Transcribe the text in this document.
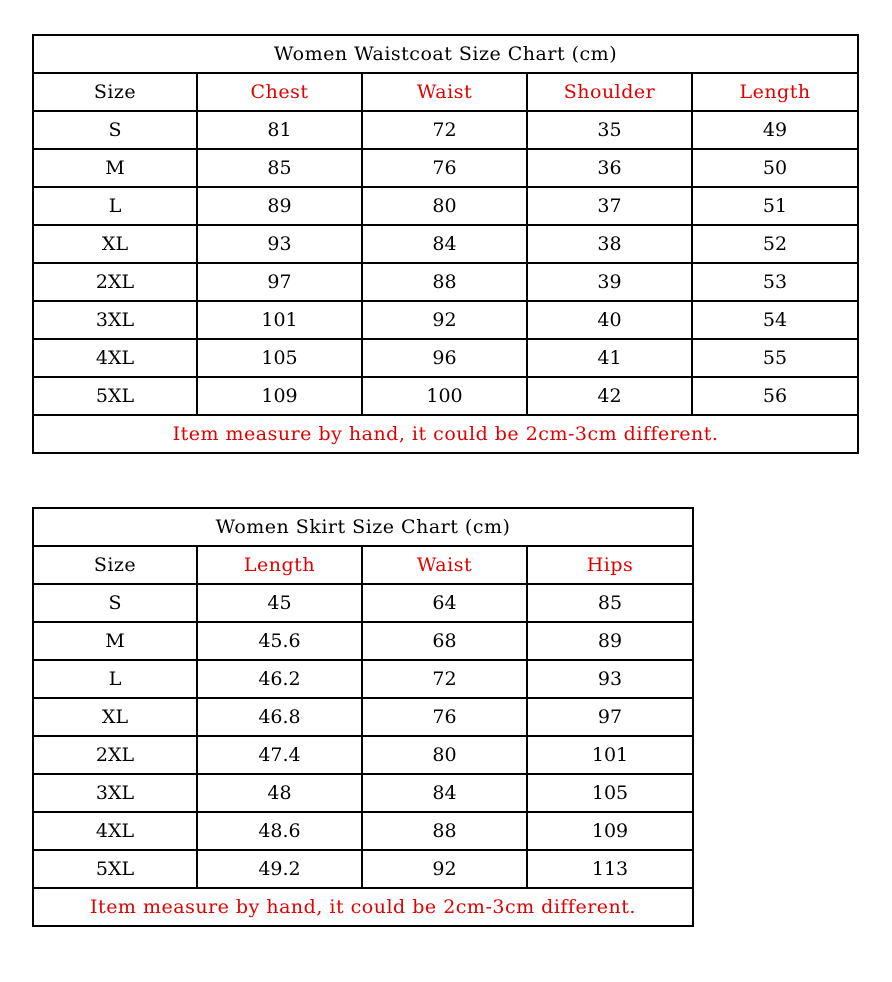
Women Waistcoat Size Chart (cm)				
Size	Chest	Waist	Shoulder	Length
S	81	72	35	49
M	85	76	36	50
L	89	80	37	51
XL	93	84	38	52
2XL	97	88	39	53
3XL	101	92	40	54
4XL	105	96	41	55
5XL	109	100	42	56
Item measure by hand, it could be 2cm-3cm different.				
Women Skirt Size Chart (cm)			
Size	Length	Waist	Hips
S	45	64	85
M	45.6	68	89
L	46.2	72	93
XL	46.8	76	97
2XL	47.4	80	101
3XL	48	84	105
4XL	48.6	88	109
5XL	49.2	92	113
Item measure by hand, it could be 2cm-3cm different.			
